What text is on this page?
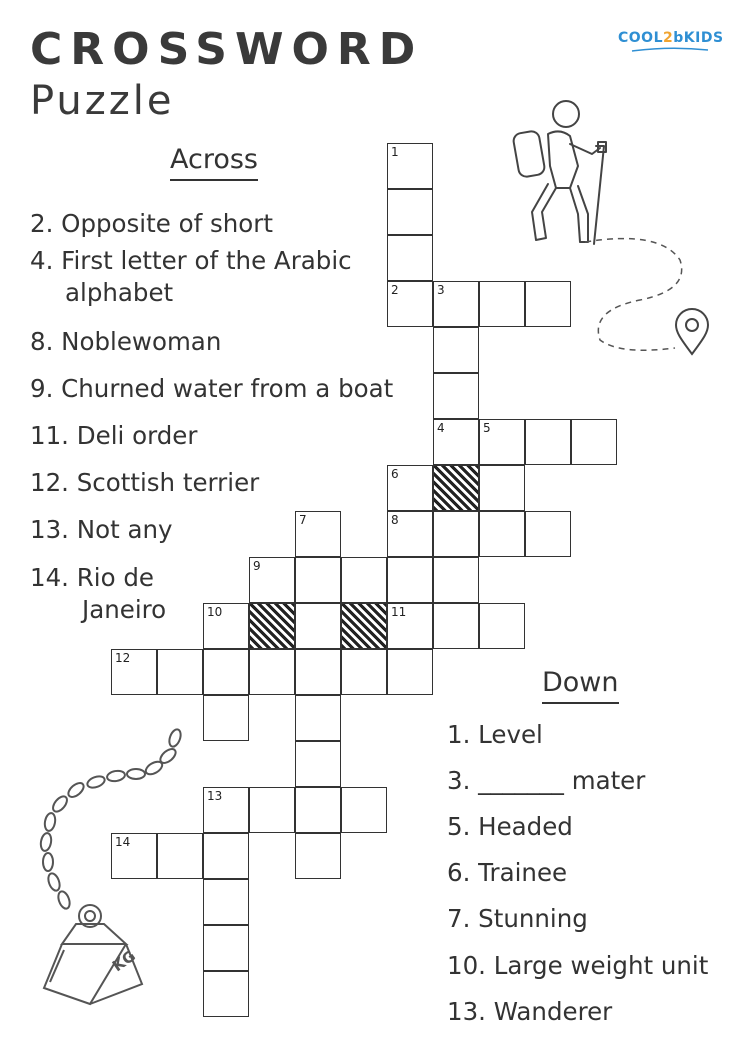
CROSSWORD
Puzzle
COOL2bKIDS
Across
2. Opposite of short
4. First letter of the Arabic
alphabet
8. Noblewoman
9. Churned water from a boat
11. Deli order
12. Scottish terrier
13. Not any
14. Rio de
Janeiro
Down
1. Level
3. _______ mater
5. Headed
6. Trainee
7. Stunning
10. Large weight unit
13. Wanderer
1
2	3
4	5
6
7	8
9
10	11
12
13
14
KG
